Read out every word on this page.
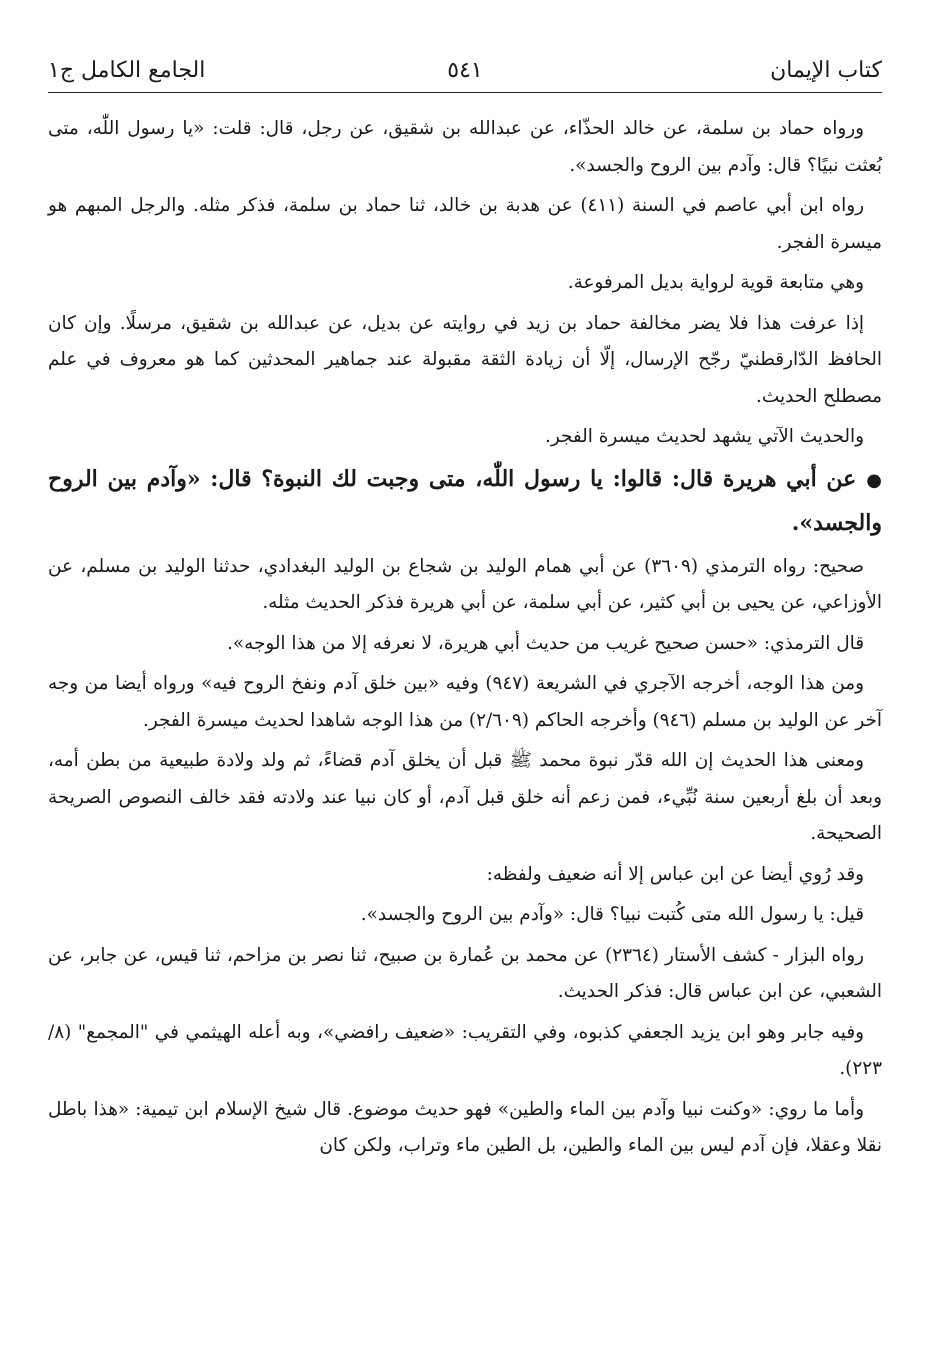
كتاب الإيمان
٥٤١
الجامع الكامل ج١

ورواه حماد بن سلمة، عن خالد الحذّاء، عن عبدالله بن شقيق، عن رجل، قال: قلت: «يا رسول اللّٰه، متى بُعثت نبيًا؟ قال: وآدم بين الروح والجسد».

رواه ابن أبي عاصم في السنة (٤١١) عن هدبة بن خالد، ثنا حماد بن سلمة، فذكر مثله. والرجل المبهم هو ميسرة الفجر.

وهي متابعة قوية لرواية بديل المرفوعة.

إذا عرفت هذا فلا يضر مخالفة حماد بن زيد في روايته عن بديل، عن عبدالله بن شقيق، مرسلًا. وإن كان الحافظ الدّارقطنيّ رجّح الإرسال، إلّا أن زيادة الثقة مقبولة عند جماهير المحدثين كما هو معروف في علم مصطلح الحديث.

والحديث الآتي يشهد لحديث ميسرة الفجر.

●عن أبي هريرة قال: قالوا: يا رسول اللّٰه، متى وجبت لك النبوة؟ قال: «وآدم بين الروح والجسد».

صحيح: رواه الترمذي (٣٦٠٩) عن أبي همام الوليد بن شجاع بن الوليد البغدادي، حدثنا الوليد بن مسلم، عن الأوزاعي، عن يحيى بن أبي كثير، عن أبي سلمة، عن أبي هريرة فذكر الحديث مثله.

قال الترمذي: «حسن صحيح غريب من حديث أبي هريرة، لا نعرفه إلا من هذا الوجه».

ومن هذا الوجه، أخرجه الآجري في الشريعة (٩٤٧) وفيه «بين خلق آدم ونفخ الروح فيه» ورواه أيضا من وجه آخر عن الوليد بن مسلم (٩٤٦) وأخرجه الحاكم (٢/٦٠٩) من هذا الوجه شاهدا لحديث ميسرة الفجر.

ومعنى هذا الحديث إن الله قدّر نبوة محمد ﷺ قبل أن يخلق آدم قضاءً، ثم ولد ولادة طبيعية من بطن أمه، وبعد أن بلغ أربعين سنة نُبِّيء، فمن زعم أنه خلق قبل آدم، أو كان نبيا عند ولادته فقد خالف النصوص الصريحة الصحيحة.

وقد رُوي أيضا عن ابن عباس إلا أنه ضعيف ولفظه:

قيل: يا رسول الله متى كُتبت نبيا؟ قال: «وآدم بين الروح والجسد».

رواه البزار - كشف الأستار (٢٣٦٤) عن محمد بن عُمارة بن صبيح، ثنا نصر بن مزاحم، ثنا قيس، عن جابر، عن الشعبي، عن ابن عباس قال: فذكر الحديث.

وفيه جابر وهو ابن يزيد الجعفي كذبوه، وفي التقريب: «ضعيف رافضي»، وبه أعله الهيثمي في "المجمع" (٨/ ٢٢٣).

وأما ما روي: «وكنت نبيا وآدم بين الماء والطين» فهو حديث موضوع. قال شيخ الإسلام ابن تيمية: «هذا باطل نقلا وعقلا، فإن آدم ليس بين الماء والطين، بل الطين ماء وتراب، ولكن كان
